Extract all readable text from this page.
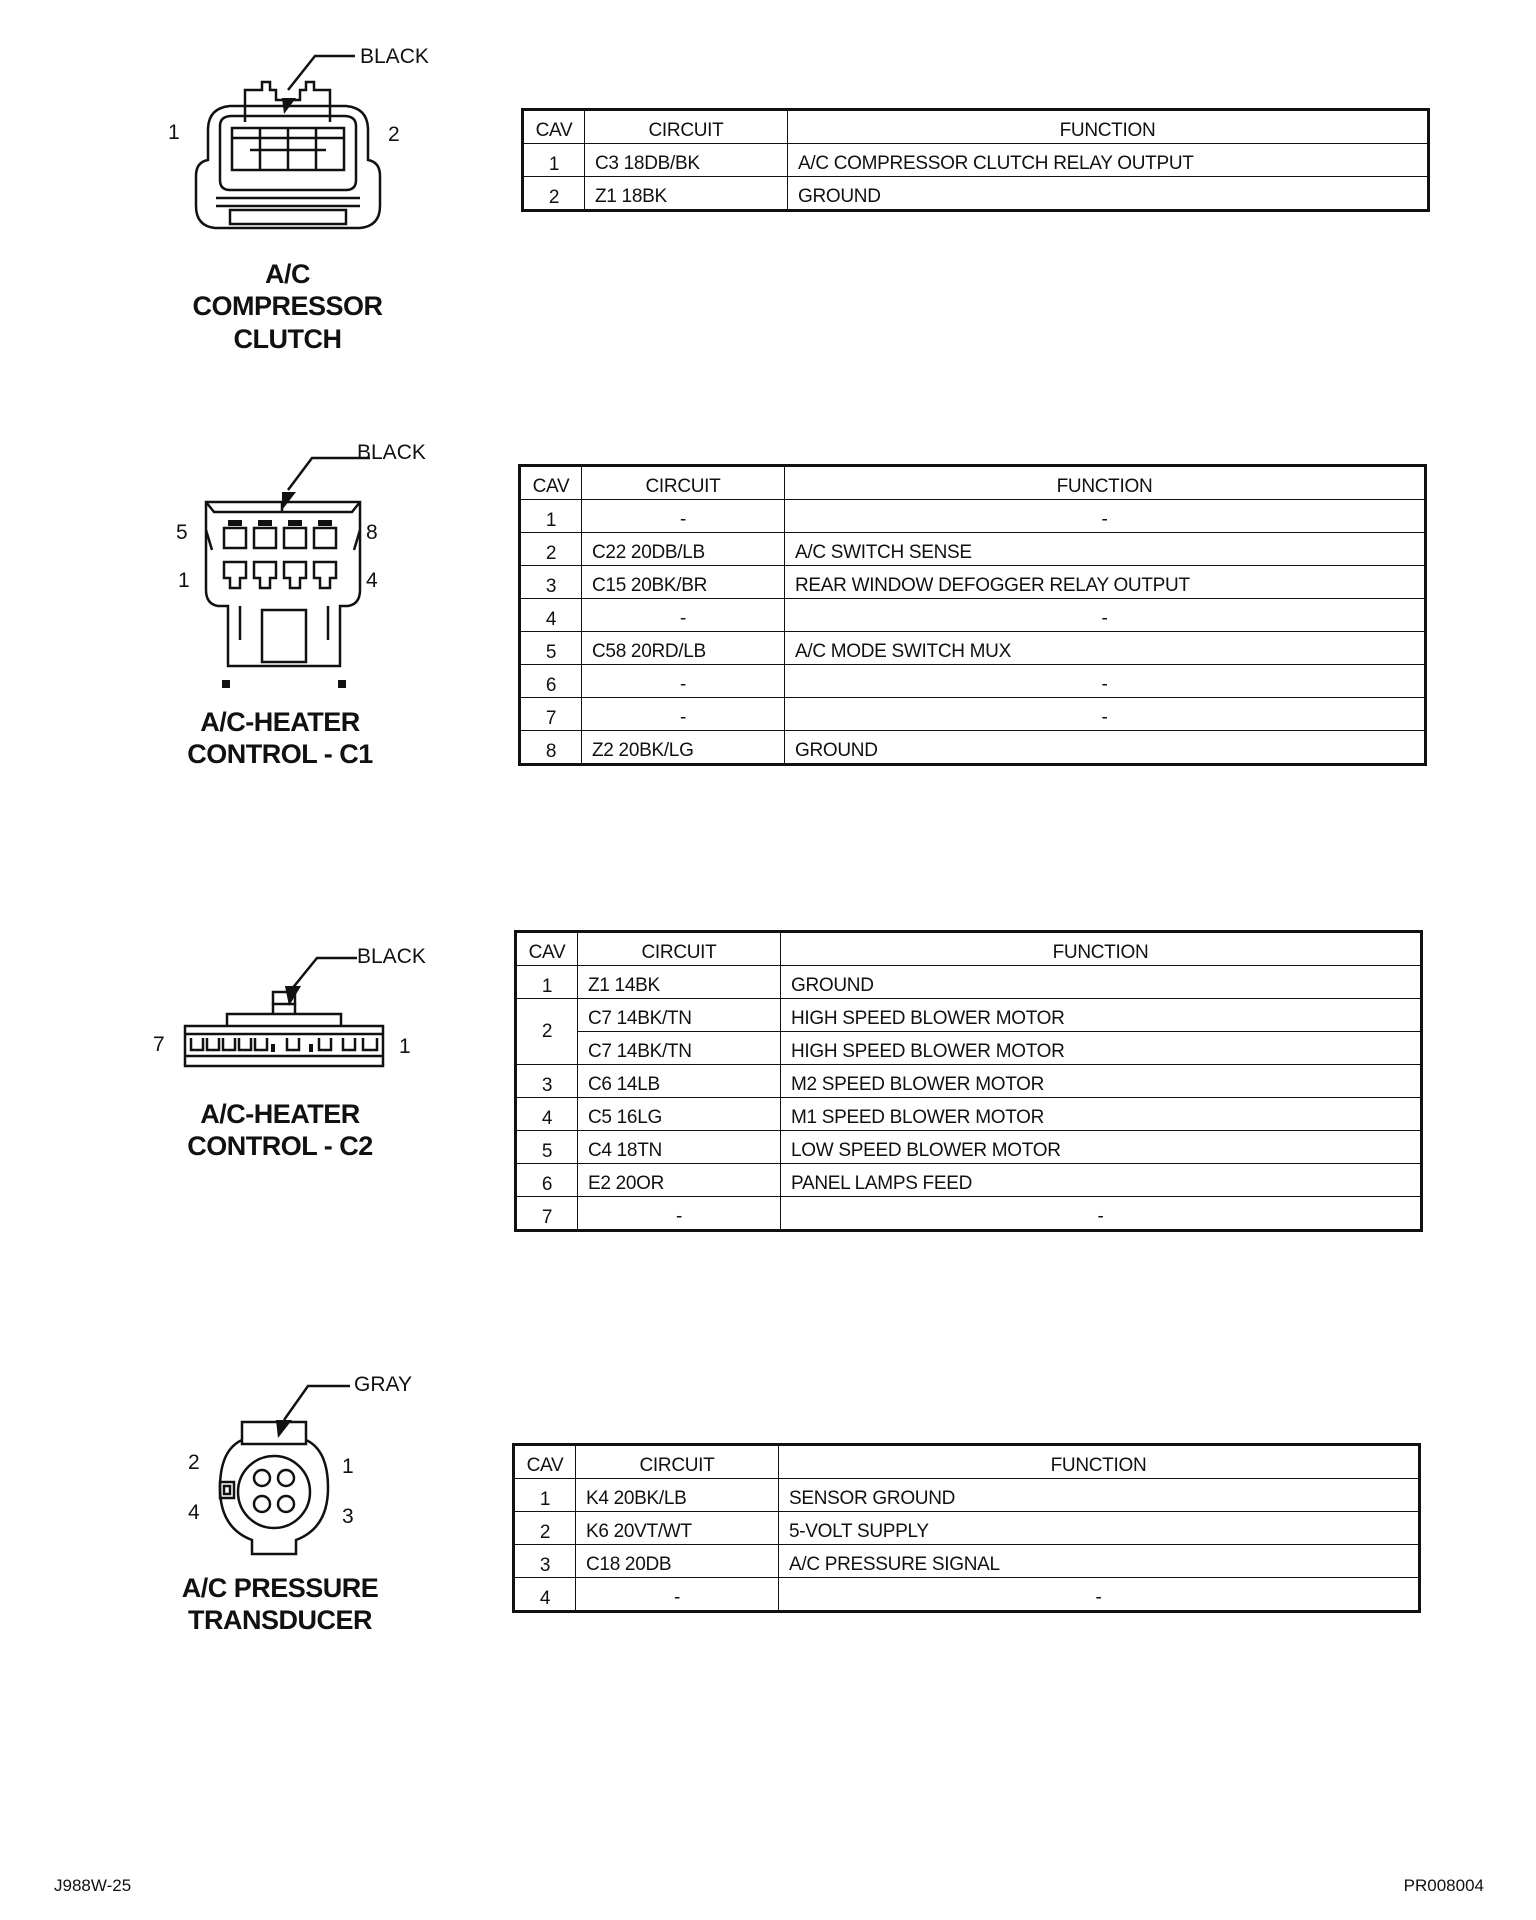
BLACK
1	2
A/C
COMPRESSOR
CLUTCH
CAV	CIRCUIT	FUNCTION
1	C3 18DB/BK	A/C COMPRESSOR CLUTCH RELAY OUTPUT
2	Z1 18BK	GROUND
BLACK
5	8
1	4
A/C-HEATER
CONTROL - C1
CAV	CIRCUIT	FUNCTION
1	-	-
2	C22 20DB/LB	A/C SWITCH SENSE
3	C15 20BK/BR	REAR WINDOW DEFOGGER RELAY OUTPUT
4	-	-
5	C58 20RD/LB	A/C MODE SWITCH MUX
6	-	-
7	-	-
8	Z2 20BK/LG	GROUND
BLACK
7	1
A/C-HEATER
CONTROL - C2
CAV	CIRCUIT	FUNCTION
1	Z1 14BK	GROUND
2	C7 14BK/TN	HIGH SPEED BLOWER MOTOR
	C7 14BK/TN	HIGH SPEED BLOWER MOTOR
3	C6 14LB	M2 SPEED BLOWER MOTOR
4	C5 16LG	M1 SPEED BLOWER MOTOR
5	C4 18TN	LOW SPEED BLOWER MOTOR
6	E2 20OR	PANEL LAMPS FEED
7	-	-
GRAY
2	1
4	3
A/C PRESSURE
TRANSDUCER
CAV	CIRCUIT	FUNCTION
1	K4 20BK/LB	SENSOR GROUND
2	K6 20VT/WT	5-VOLT SUPPLY
3	C18 20DB	A/C PRESSURE SIGNAL
4	-	-
J988W-25	PR008004
